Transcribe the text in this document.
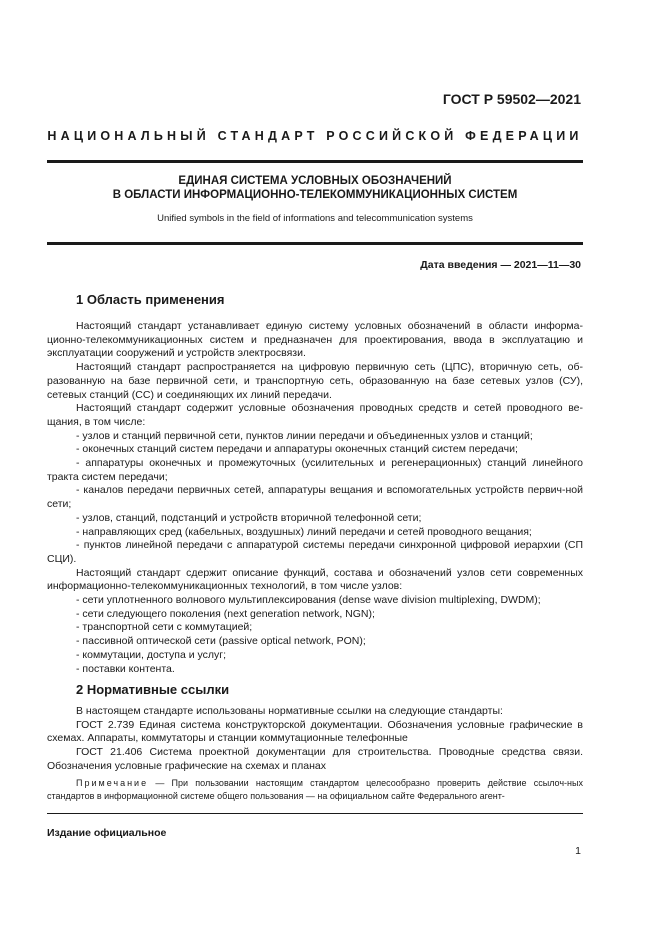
ГОСТ Р 59502—2021
НАЦИОНАЛЬНЫЙ СТАНДАРТ РОССИЙСКОЙ ФЕДЕРАЦИИ
ЕДИНАЯ СИСТЕМА УСЛОВНЫХ ОБОЗНАЧЕНИЙ
В ОБЛАСТИ ИНФОРМАЦИОННО-ТЕЛЕКОММУНИКАЦИОННЫХ СИСТЕМ
Unified symbols in the field of informations and telecommunication systems
Дата введения — 2021—11—30
1 Область применения

Настоящий стандарт устанавливает единую систему условных обозначений в области информа-ционно-телекоммуникационных систем и предназначен для проектирования, ввода в эксплуатацию и эксплуатации сооружений и устройств электросвязи.

Настоящий стандарт распространяется на цифровую первичную сеть (ЦПС), вторичную сеть, об-разованную на базе первичной сети, и транспортную сеть, образованную на базе сетевых узлов (СУ), сетевых станций (СС) и соединяющих их линий передачи.

Настоящий стандарт содержит условные обозначения проводных средств и сетей проводного ве-щания, в том числе:

- узлов и станций первичной сети, пунктов линии передачи и объединенных узлов и станций;

- оконечных станций систем передачи и аппаратуры оконечных станций систем передачи;

- аппаратуры оконечных и промежуточных (усилительных и регенерационных) станций линейного тракта систем передачи;

- каналов передачи первичных сетей, аппаратуры вещания и вспомогательных устройств первич-ной сети;

- узлов, станций, подстанций и устройств вторичной телефонной сети;

- направляющих сред (кабельных, воздушных) линий передачи и сетей проводного вещания;

- пунктов линейной передачи с аппаратурой системы передачи синхронной цифровой иерархии (СП СЦИ).

Настоящий стандарт сдержит описание функций, состава и обозначений узлов сети современных информационно-телекоммуникационных технологий, в том числе узлов:

- сети уплотненного волнового мультиплексирования (dense wave division multiplexing, DWDM);

- сети следующего поколения (next generation network, NGN);

- транспортной сети с коммутацией;

- пассивной оптической сети (passive optical network, PON);

- коммутации, доступа и услуг;

- поставки контента.

2 Нормативные ссылки

В настоящем стандарте использованы нормативные ссылки на следующие стандарты:

ГОСТ 2.739 Единая система конструкторской документации. Обозначения условные графические в схемах. Аппараты, коммутаторы и станции коммутационные телефонные

ГОСТ 21.406 Система проектной документации для строительства. Проводные средства связи. Обозначения условные графические на схемах и планах

Примечание — При пользовании настоящим стандартом целесообразно проверить действие ссылоч-ных стандартов в информационной системе общего пользования — на официальном сайте Федерального агент-
Издание официальное
1
